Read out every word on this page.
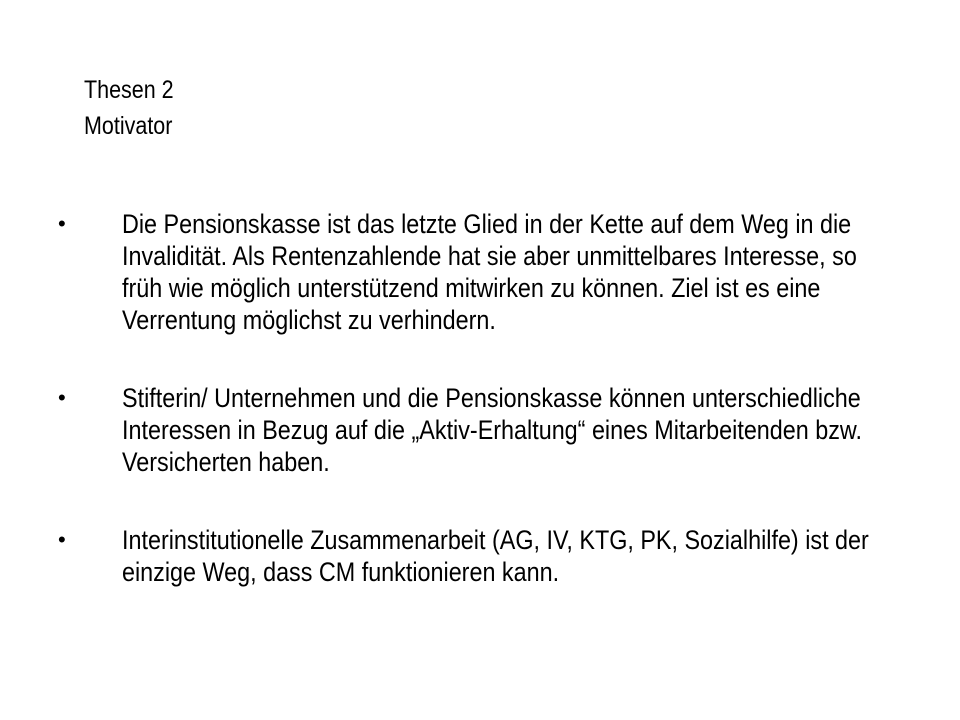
Thesen 2
Motivator
•	Die Pensionskasse ist das letzte Glied in der Kette auf dem Weg in die Invalidität. Als Rentenzahlende hat sie aber unmittelbares Interesse, so früh wie möglich unterstützend mitwirken zu können. Ziel ist es eine Verrentung möglichst zu verhindern.
•	Stifterin/ Unternehmen und die Pensionskasse können unterschiedliche Interessen in Bezug auf die „Aktiv-Erhaltung“ eines Mitarbeitenden bzw. Versicherten haben.
•	Interinstitutionelle Zusammenarbeit (AG, IV, KTG, PK, Sozialhilfe) ist der einzige Weg, dass CM funktionieren kann.
